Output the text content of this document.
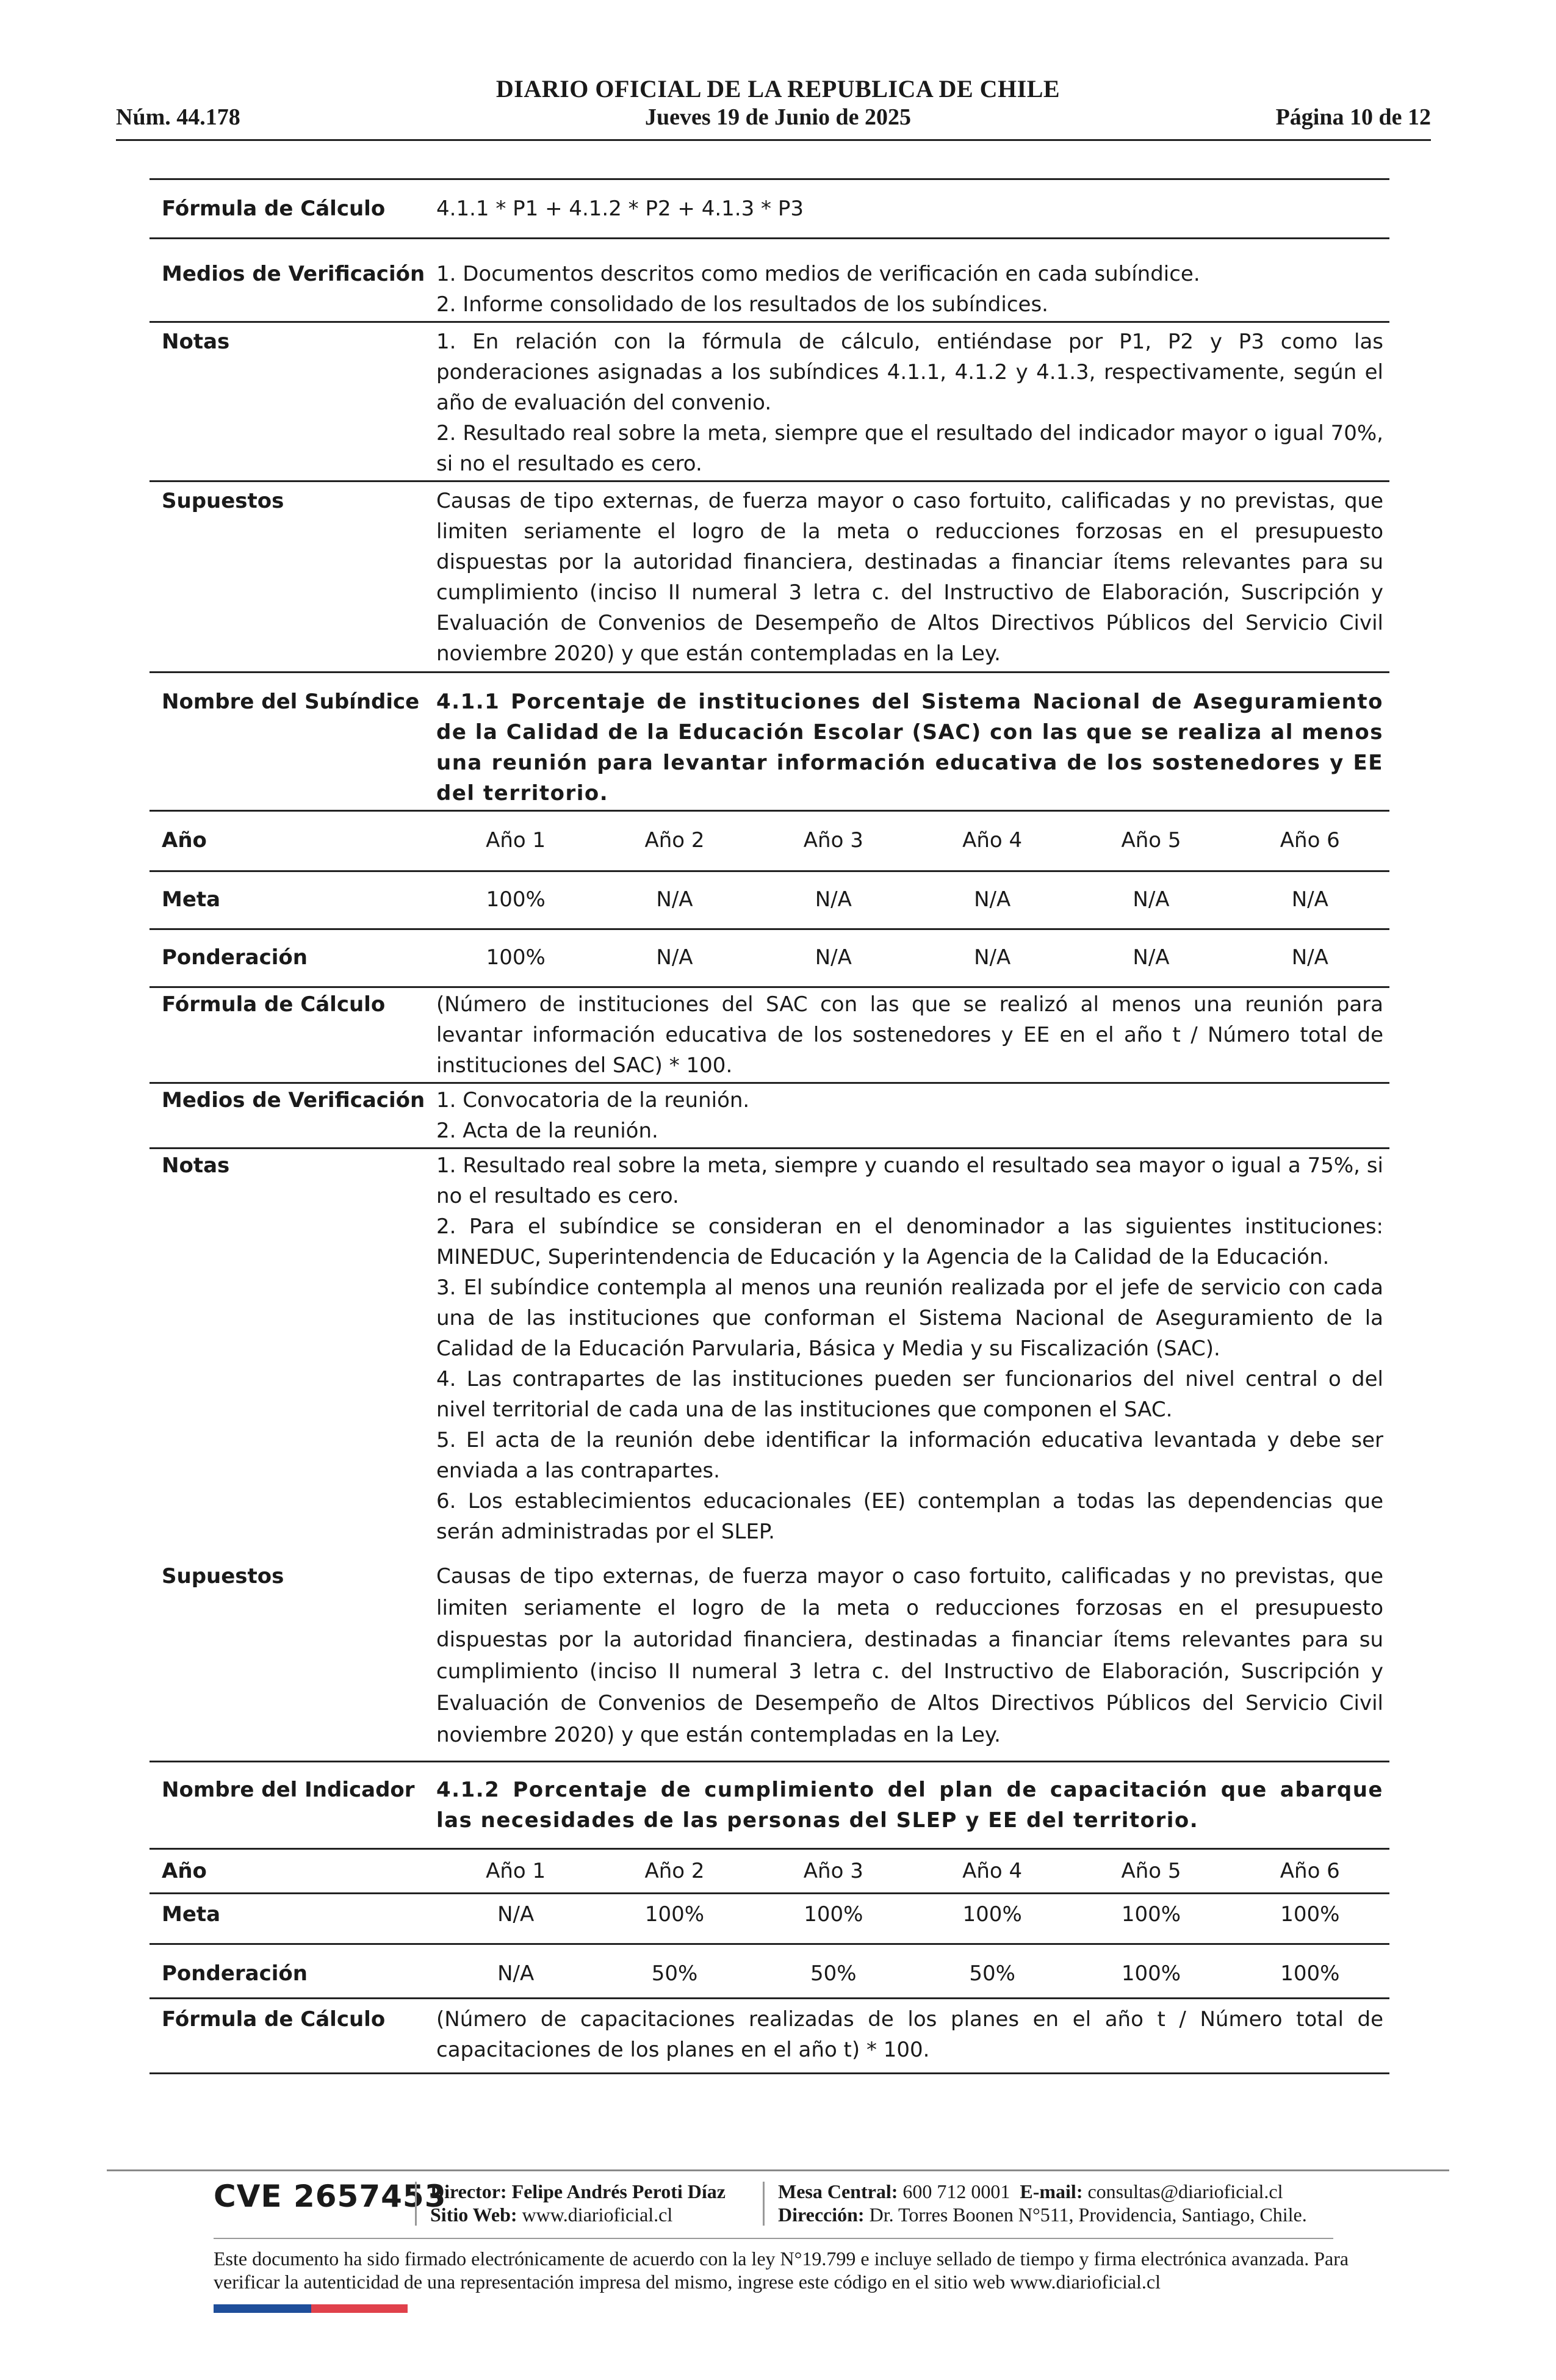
Núm. 44.178
DIARIO OFICIAL DE LA REPUBLICA DE CHILE
Jueves 19 de Junio de 2025	Página 10 de 12
Fórmula de Cálculo	4.1.1 * P1 + 4.1.2 * P2 + 4.1.3 * P3
Medios de Verificación 1. Documentos descritos como medios de verificación en cada subíndice.
2. Informe consolidado de los resultados de los subíndices.
Notas	1. En relación con la fórmula de cálculo, entiéndase por P1, P2 y P3 como las ponderaciones asignadas a los subíndices 4.1.1, 4.1.2 y 4.1.3, respectivamente, según el año de evaluación del convenio.
2. Resultado real sobre la meta, siempre que el resultado del indicador mayor o igual 70%, si no el resultado es cero.
Supuestos	Causas de tipo externas, de fuerza mayor o caso fortuito, calificadas y no previstas, que limiten seriamente el logro de la meta o reducciones forzosas en el presupuesto dispuestas por la autoridad financiera, destinadas a financiar ítems relevantes para su cumplimiento (inciso II numeral 3 letra c. del Instructivo de Elaboración, Suscripción y Evaluación de Convenios de Desempeño de Altos Directivos Públicos del Servicio Civil noviembre 2020) y que están contempladas en la Ley.
Nombre del Subíndice 4.1.1 Porcentaje de instituciones del Sistema Nacional de Aseguramiento de la Calidad de la Educación Escolar (SAC) con las que se realiza al menos una reunión para levantar información educativa de los sostenedores y EE del territorio.
Año	Año 1	Año 2	Año 3	Año 4	Año 5	Año 6
Meta	100%	N/A	N/A	N/A	N/A	N/A
Ponderación	100%	N/A	N/A	N/A	N/A	N/A
Fórmula de Cálculo	(Número de instituciones del SAC con las que se realizó al menos una reunión para levantar información educativa de los sostenedores y EE en el año t / Número total de instituciones del SAC) * 100.
Medios de Verificación 1. Convocatoria de la reunión.
2. Acta de la reunión.
Notas	1. Resultado real sobre la meta, siempre y cuando el resultado sea mayor o igual a 75%, si no el resultado es cero.
2. Para el subíndice se consideran en el denominador a las siguientes instituciones: MINEDUC, Superintendencia de Educación y la Agencia de la Calidad de la Educación.
3. El subíndice contempla al menos una reunión realizada por el jefe de servicio con cada una de las instituciones que conforman el Sistema Nacional de Aseguramiento de la Calidad de la Educación Parvularia, Básica y Media y su Fiscalización (SAC).
4. Las contrapartes de las instituciones pueden ser funcionarios del nivel central o del nivel territorial de cada una de las instituciones que componen el SAC.
5. El acta de la reunión debe identificar la información educativa levantada y debe ser enviada a las contrapartes.
6. Los establecimientos educacionales (EE) contemplan a todas las dependencias que serán administradas por el SLEP.
Supuestos	Causas de tipo externas, de fuerza mayor o caso fortuito, calificadas y no previstas, que limiten seriamente el logro de la meta o reducciones forzosas en el presupuesto dispuestas por la autoridad financiera, destinadas a financiar ítems relevantes para su cumplimiento (inciso II numeral 3 letra c. del Instructivo de Elaboración, Suscripción y Evaluación de Convenios de Desempeño de Altos Directivos Públicos del Servicio Civil noviembre 2020) y que están contempladas en la Ley.
Nombre del Indicador	4.1.2 Porcentaje de cumplimiento del plan de capacitación que abarque las necesidades de las personas del SLEP y EE del territorio.
Año	Año 1	Año 2	Año 3	Año 4	Año 5	Año 6
Meta	N/A	100%	100%	100%	100%	100%
Ponderación	N/A	50%	50%	50%	100%	100%
Fórmula de Cálculo	(Número de capacitaciones realizadas de los planes en el año t / Número total de capacitaciones de los planes en el año t) * 100.
CVE 2657453
Director: Felipe Andrés Peroti Díaz
Sitio Web: www.diarioficial.cl
Mesa Central: 600 712 0001 E-mail: consultas@diarioficial.cl
Dirección: Dr. Torres Boonen N°511, Providencia, Santiago, Chile.
Este documento ha sido firmado electrónicamente de acuerdo con la ley N°19.799 e incluye sellado de tiempo y firma electrónica avanzada. Para verificar la autenticidad de una representación impresa del mismo, ingrese este código en el sitio web www.diarioficial.cl
